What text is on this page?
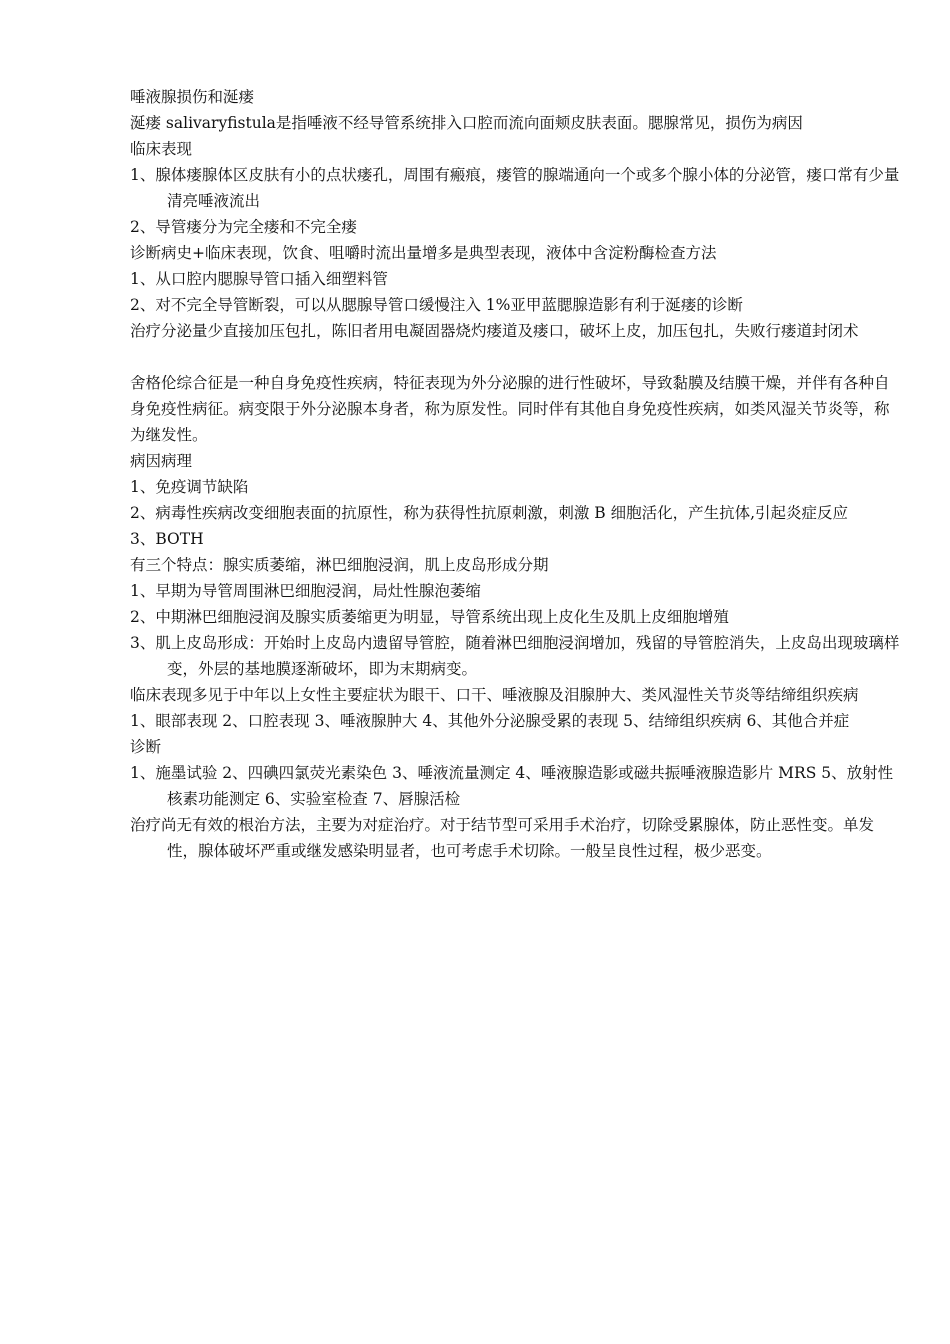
唾液腺损伤和涎瘘

涎瘘 salivaryfistula是指唾液不经导管系统排入口腔而流向面颊皮肤表面。腮腺常见，损伤为病因

临床表现

1、腺体瘘腺体区皮肤有小的点状瘘孔，周围有瘢痕，瘘管的腺端通向一个或多个腺小体的分泌管，瘘口常有少量清亮唾液流出

2、导管瘘分为完全瘘和不完全瘘

诊断病史+临床表现，饮食、咀嚼时流出量增多是典型表现，液体中含淀粉酶检查方法

1、从口腔内腮腺导管口插入细塑料管

2、对不完全导管断裂，可以从腮腺导管口缓慢注入 1%亚甲蓝腮腺造影有利于涎瘘的诊断

治疗分泌量少直接加压包扎，陈旧者用电凝固器烧灼瘘道及瘘口，破坏上皮，加压包扎，失败行瘘道封闭术

舍格伦综合征是一种自身免疫性疾病，特征表现为外分泌腺的进行性破坏，导致黏膜及结膜干燥，并伴有各种自身免疫性病征。病变限于外分泌腺本身者，称为原发性。同时伴有其他自身免疫性疾病，如类风湿关节炎等，称为继发性。

病因病理

1、免疫调节缺陷

2、病毒性疾病改变细胞表面的抗原性，称为获得性抗原刺激，刺激 B 细胞活化，产生抗体,引起炎症反应

3、BOTH

有三个特点：腺实质萎缩，淋巴细胞浸润，肌上皮岛形成分期

1、早期为导管周围淋巴细胞浸润，局灶性腺泡萎缩

2、中期淋巴细胞浸润及腺实质萎缩更为明显，导管系统出现上皮化生及肌上皮细胞增殖

3、肌上皮岛形成：开始时上皮岛内遗留导管腔，随着淋巴细胞浸润增加，残留的导管腔消失，上皮岛出现玻璃样变，外层的基地膜逐渐破坏，即为末期病变。

临床表现多见于中年以上女性主要症状为眼干、口干、唾液腺及泪腺肿大、类风湿性关节炎等结缔组织疾病

1、眼部表现 2、口腔表现 3、唾液腺肿大 4、其他外分泌腺受累的表现 5、结缔组织疾病 6、其他合并症

诊断

1、施墨试验 2、四碘四氯荧光素染色 3、唾液流量测定 4、唾液腺造影或磁共振唾液腺造影片 MRS 5、放射性核素功能测定 6、实验室检查 7、唇腺活检

治疗尚无有效的根治方法，主要为对症治疗。对于结节型可采用手术治疗，切除受累腺体，防止恶性变。单发性，腺体破坏严重或继发感染明显者，也可考虑手术切除。一般呈良性过程，极少恶变。
